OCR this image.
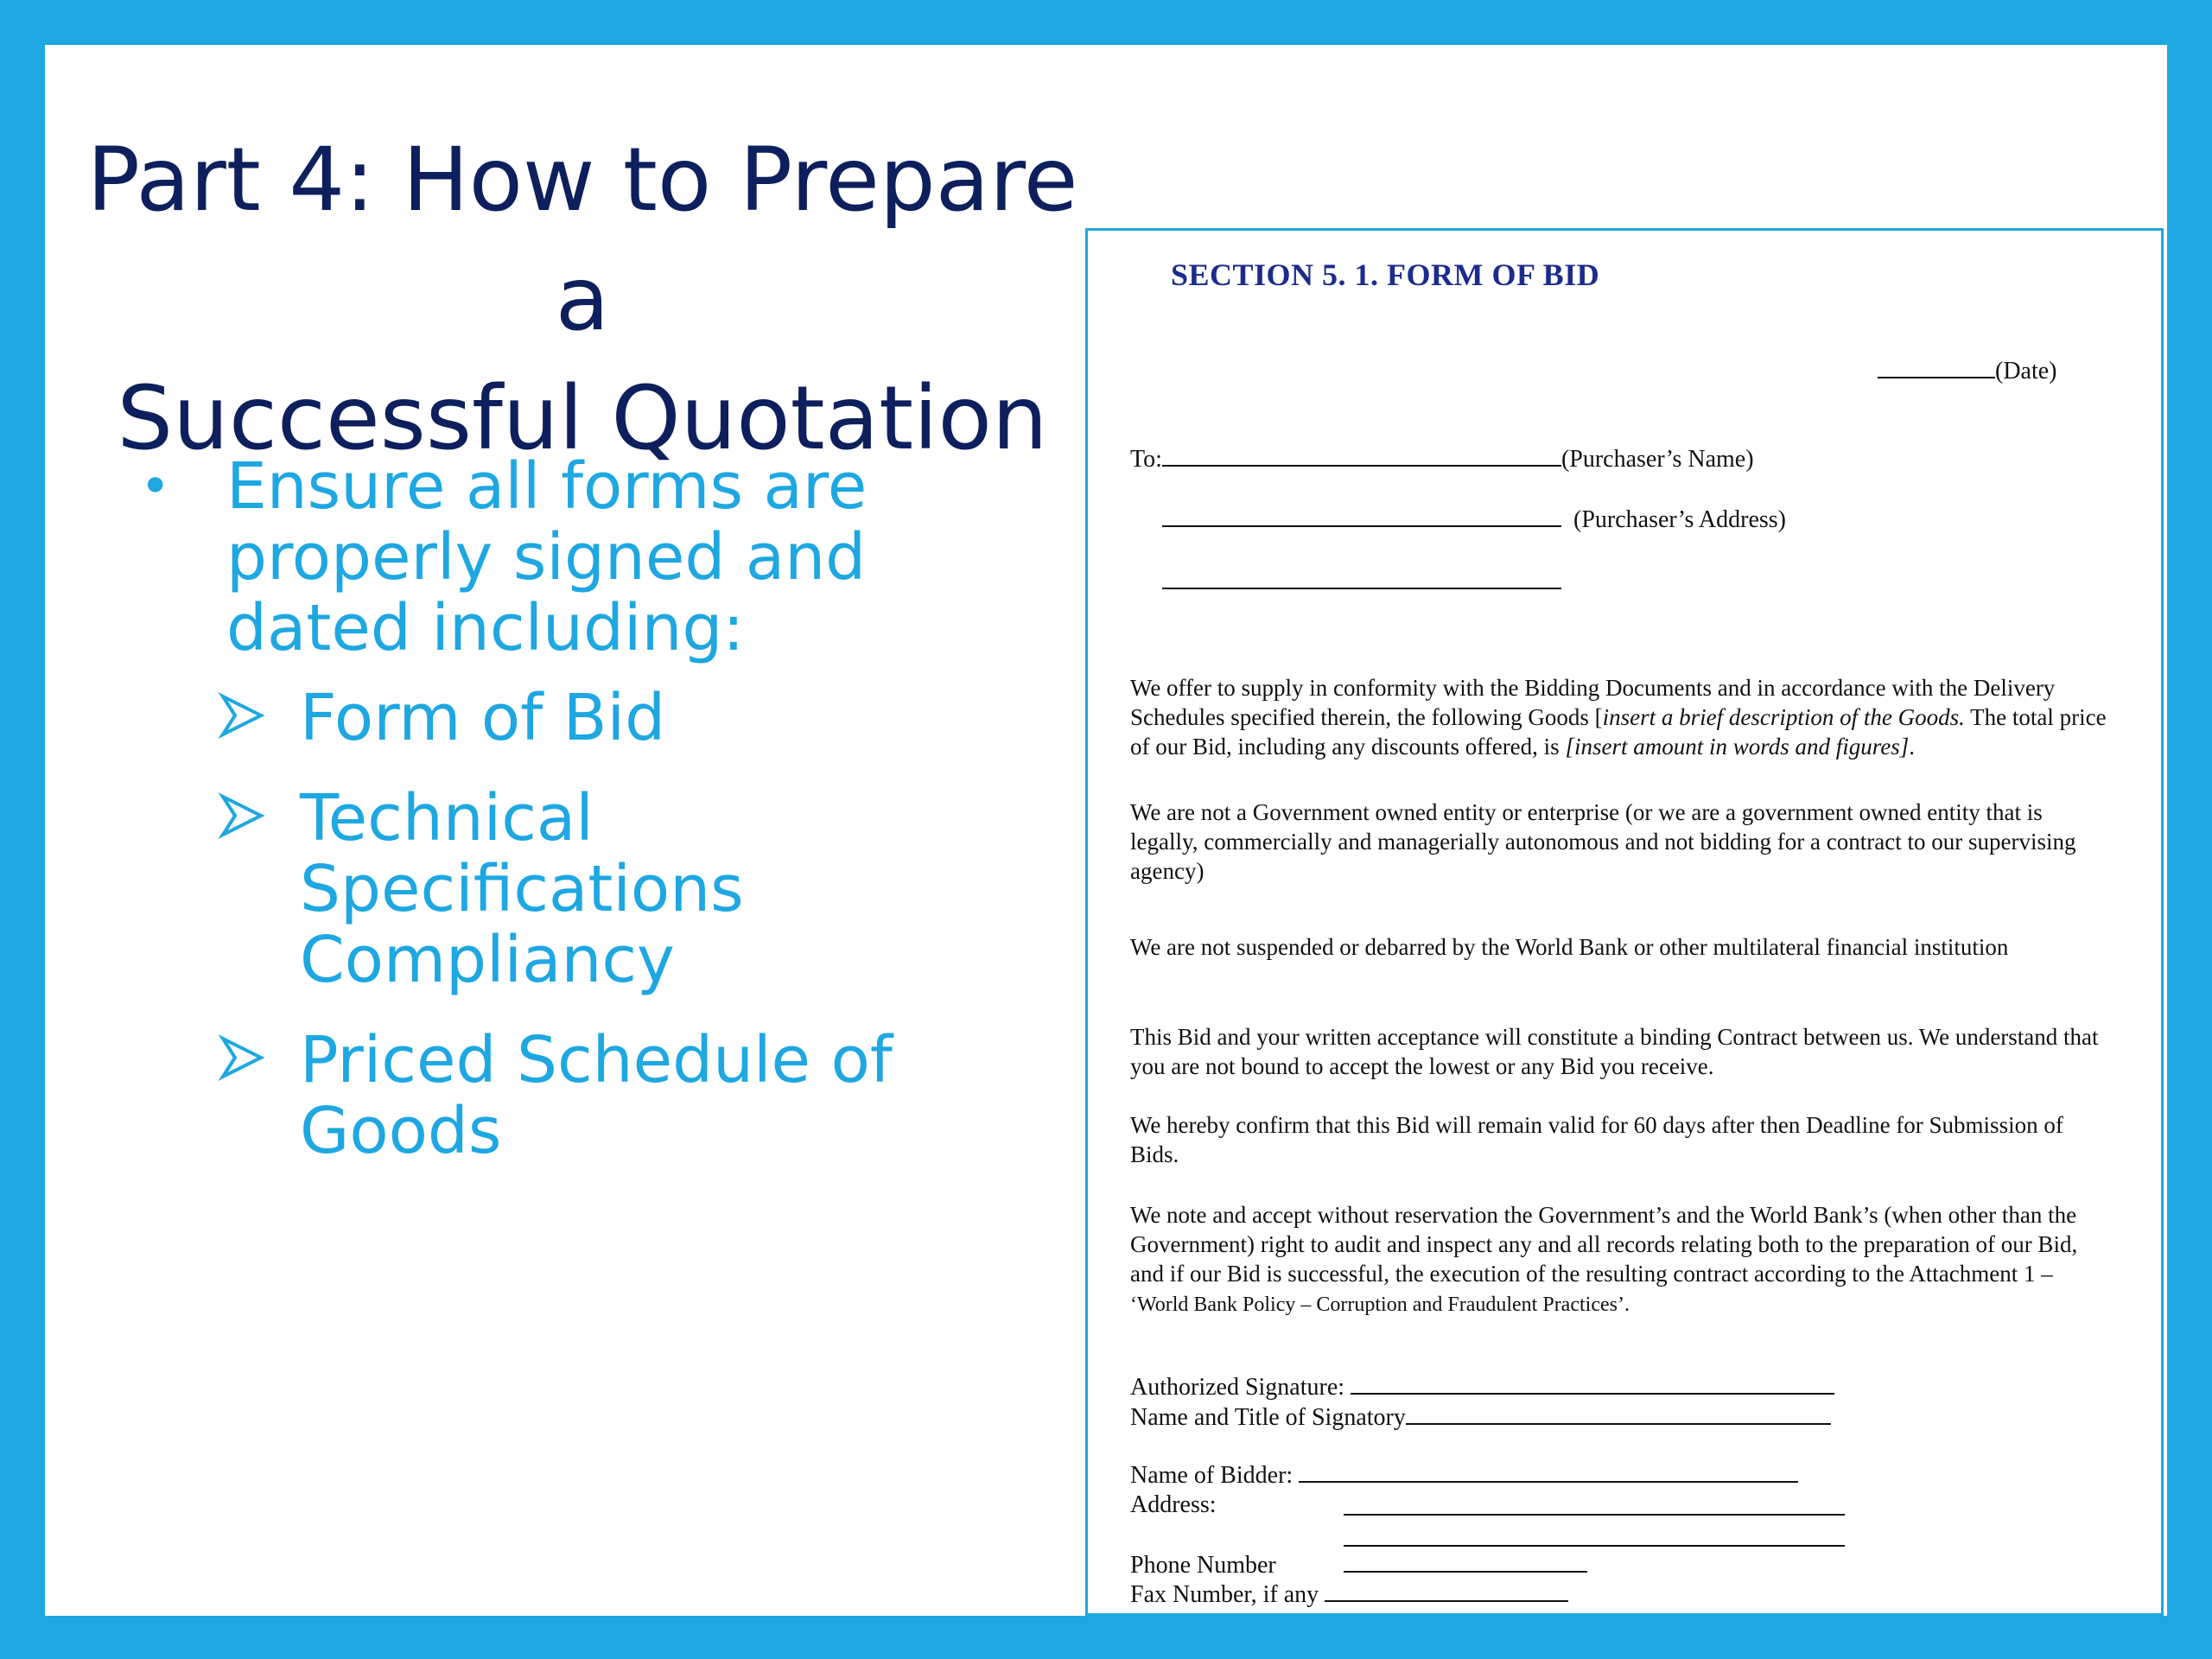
Part 4: How to Prepare a
Successful Quotation
• Ensure all forms are properly signed and dated including:
Form of Bid
Technical Specifications Compliancy
Priced Schedule of Goods
SECTION 5. 1. FORM OF BID
(Date)
To:	(Purchaser’s Name)
(Purchaser’s Address)
We offer to supply in conformity with the Bidding Documents and in accordance with the Delivery Schedules specified therein, the following Goods [insert a brief description of the Goods. The total price of our Bid, including any discounts offered, is [insert amount in words and figures].
We are not a Government owned entity or enterprise (or we are a government owned entity that is legally, commercially and managerially autonomous and not bidding for a contract to our supervising agency)
We are not suspended or debarred by the World Bank or other multilateral financial institution
This Bid and your written acceptance will constitute a binding Contract between us. We understand that you are not bound to accept the lowest or any Bid you receive.
We hereby confirm that this Bid will remain valid for 60 days after then Deadline for Submission of Bids.
We note and accept without reservation the Government’s and the World Bank’s (when other than the Government) right to audit and inspect any and all records relating both to the preparation of our Bid, and if our Bid is successful, the execution of the resulting contract according to the Attachment 1 – ‘World Bank Policy – Corruption and Fraudulent Practices’.
Authorized Signature:
Name and Title of Signatory
Name of Bidder:
Address:
Phone Number
Fax Number, if any
